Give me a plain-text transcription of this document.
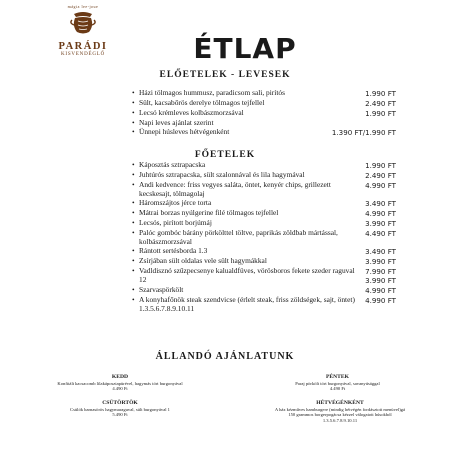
mágia lee-joue
PARÁDI
KISVENDÉGLŐ	ÉTLAP
ELŐETELEK - LEVESEK
• Házi tölmagos hummusz, paradicsom sali, pirítós	1.990 FT
• Sült, kacsabőrös derelye tölmagos tejfellel	2.490 FT
• Lecsó krémleves kolbászmorzsával	1.990 FT
• Napi leves ajánlat szerint
• Ünnepi húsleves hétvégenként	1.390 FT/1.990 FT
FŐETELEK
• Káposztás sztrapacska	1.990 FT
• Juhtúrós sztrapacska, sült szalonnával és lila hagymával	2.490 FT
• Andi kedvence: friss vegyes saláta, öntet, kenyér chips, grillezett kecskesajt, tölmagolaj
4.990 FT
• Háromszájtos jérce torta	3.490 FT
• Mátrai borzas nyúlgerine filé tölmagos tejfellel	4.990 FT
• Lecsós, pirított borjúmáj	3.990 FT
• Palóc gombóc bárány pörkölttel töltve, paprikás zöldbab mártással, kolbászmorzsával
4.490 FT
• Rántott sertésborda 1.3	3.490 FT
• Zsírjában sült oldalas vele sült hagymákkal	3.990 FT
• Vadldisznó szűzpecsenye kalualdfüves, vörösboros fekete szeder raguval 12
7.990 FT
3.990 FT
• Szarvaspörkölt	4.990 FT
• A konyhafőnök steak szendvicse (érlelt steak, friss zöldségek, sajt, öntet) 1.3.5.6.7.8.9.10.11
4.990 FT
ÁLLANDÓ AJÁNLATUNK
KEDD
Konfitált kacsacomb lilakáposztapürével, hagymás tört burgonyával
4.490 Ft
PÉNTEK
Paraj pörkölt tört burgonyával, savanyúsággal
4.490 Ft
CSÜTÖRTÖK
Csülök barnasörös hagymaraguval, sült burgonyával 1
5.490 Ft
HÉTVÉGÉNKÉNT
A ház kézműves hamburgere (mindig hétvégén fordásztott menüvel)gá
150 grammos borgerpogácsa kézzel válogatott húsokból
1.3.5.6.7.8.9.10.11
